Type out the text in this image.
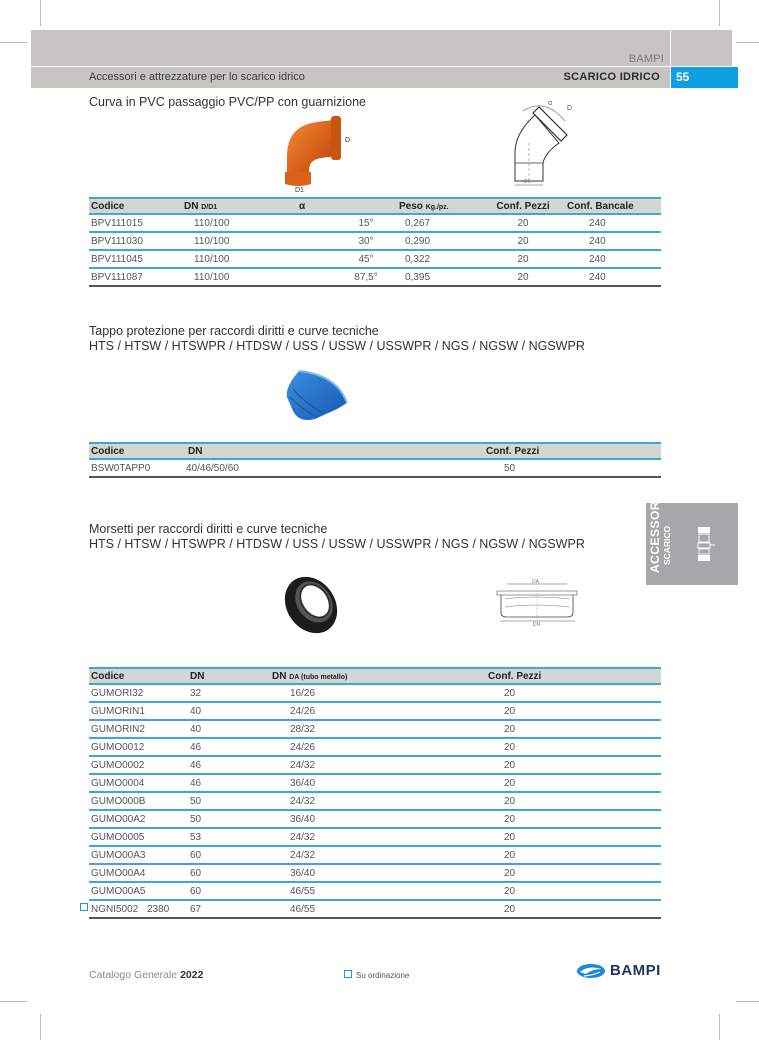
BAMPI
Accessori e attrezzature per lo scarico idrico	SCARICO IDRICO	55
Curva in PVC passaggio PVC/PP con guarnizione
D
D1
α
D
D1
Codice	DN D/D1	α	Peso Kg./pz.	Conf. Pezzi	Conf. Bancale
BPV111015	110/100	15°	0,267	20	240
BPV111030	110/100	30°	0,290	20	240
BPV111045	110/100	45°	0,322	20	240
BPV111087	110/100	87,5°	0,395	20	240
Tappo protezione per raccordi diritti e curve tecniche
HTS / HTSW / HTSWPR / HTDSW / USS / USSW / USSWPR / NGS / NGSW / NGSWPR
Codice	DN	Conf. Pezzi
BSW0TAPP0	40/46/50/60	50
ACCESSORI SCARICO
Morsetti per raccordi diritti e curve tecniche
HTS / HTSW / HTSWPR / HTDSW / USS / USSW / USSWPR / NGS / NGSW / NGSWPR
DA
DN
Codice	DN	DN DA (tubo metallo)	Conf. Pezzi
GUMORI32	32	16/26	20
GUMORIN1	40	24/26	20
GUMORIN2	40	28/32	20
GUMO0012	46	24/26	20
GUMO0002	46	24/32	20
GUMO0004	46	36/40	20
GUMO000B	50	24/32	20
GUMO00A2	50	36/40	20
GUMO0005	53	24/32	20
GUMO00A3	60	24/32	20
GUMO00A4	60	36/40	20
GUMO00A5	60	46/55	20
NGNI5002 2380	67	46/55	20
Catalogo Generale 2022	Su ordinazione	BAMPI
